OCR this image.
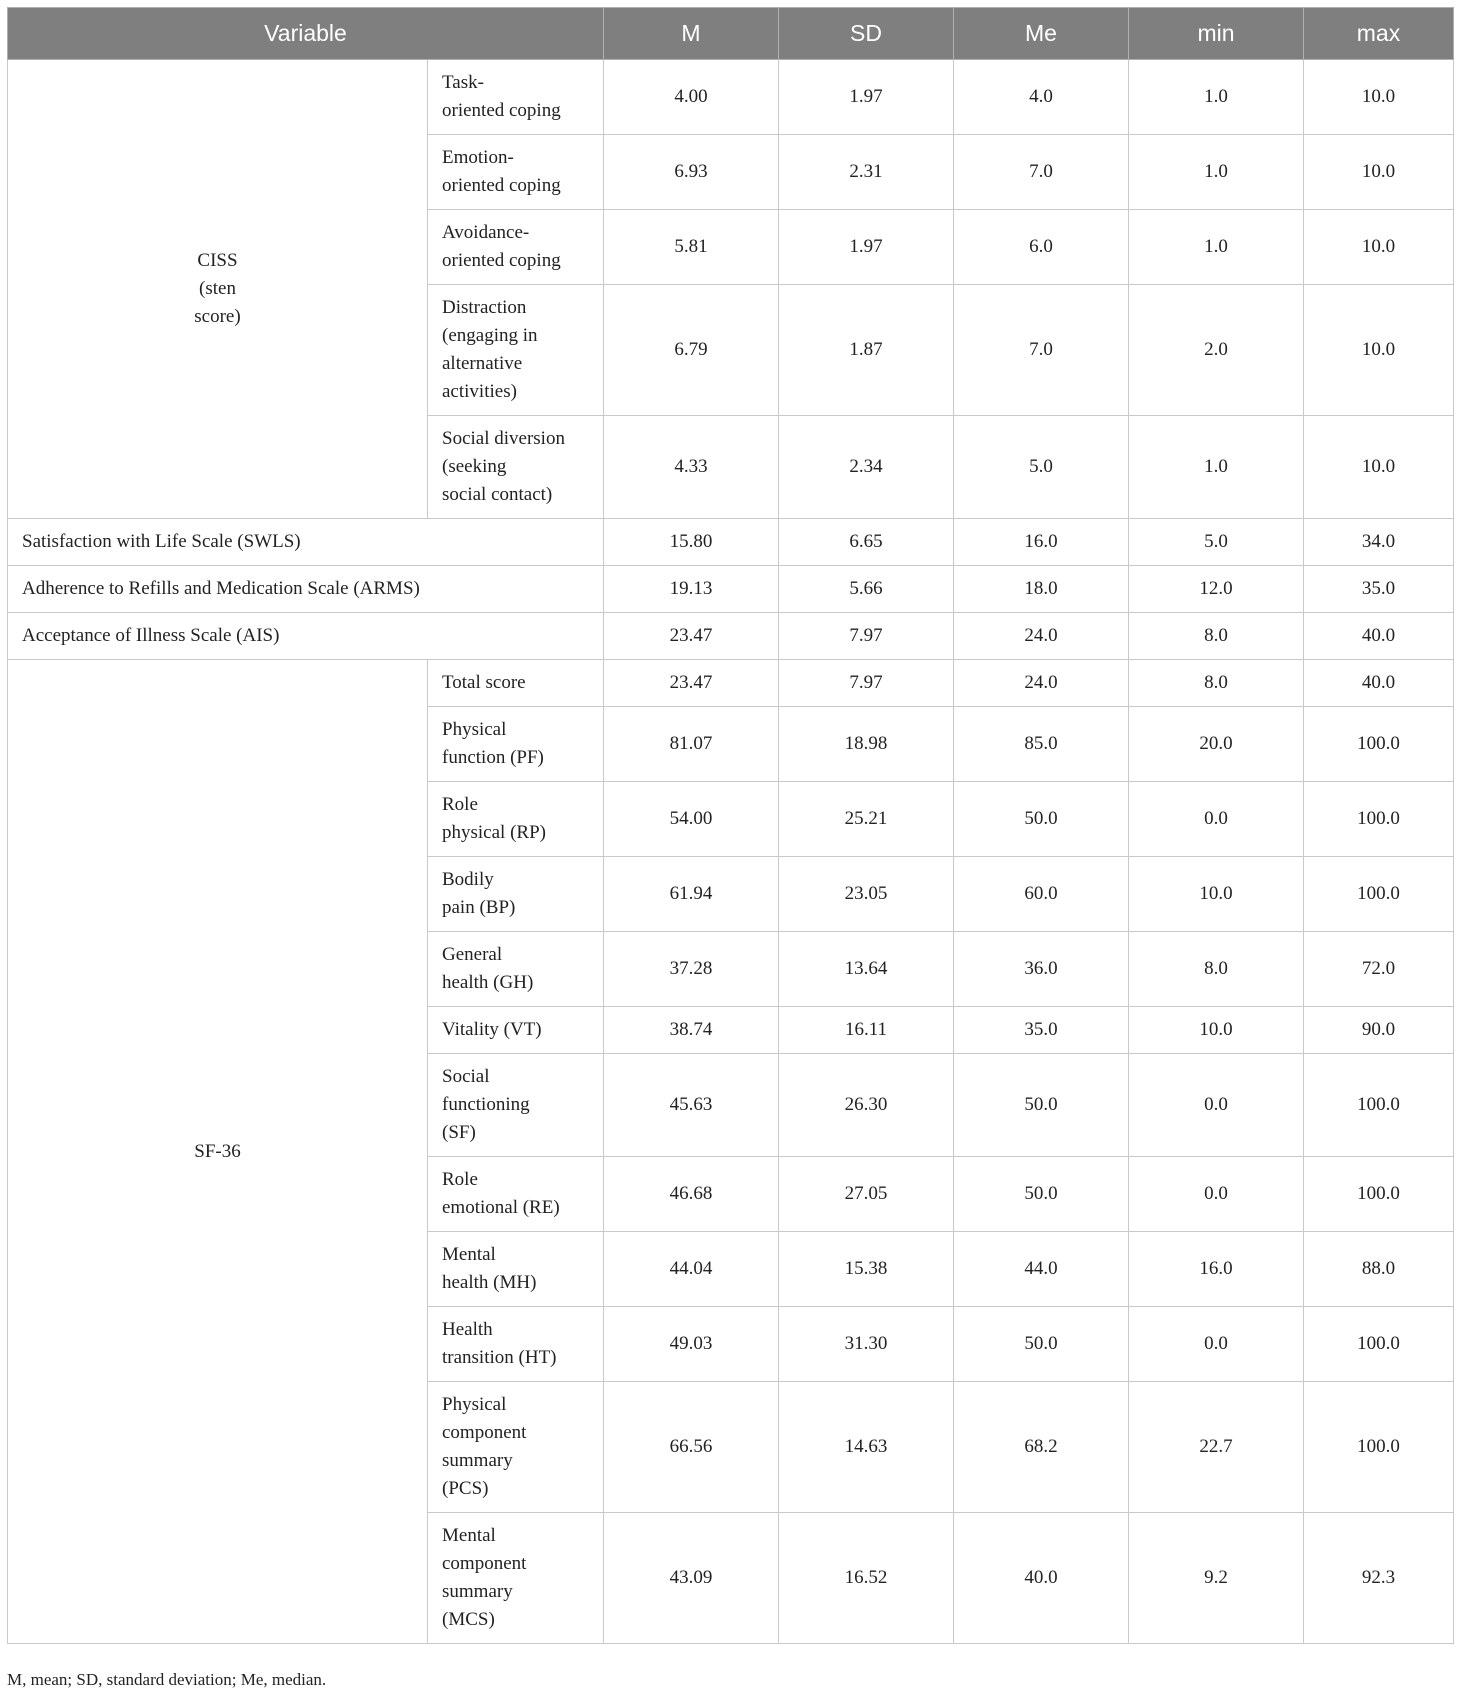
Variable		M	SD	Me	min	max
CISS
(sten
score)	Task-
oriented coping	4.00	1.97	4.0	1.0	10.0
	Emotion-
oriented coping	6.93	2.31	7.0	1.0	10.0
	Avoidance-
oriented coping	5.81	1.97	6.0	1.0	10.0
	Distraction
(engaging in
alternative
activities)	6.79	1.87	7.0	2.0	10.0
	Social diversion
(seeking
social contact)	4.33	2.34	5.0	1.0	10.0
Satisfaction with Life Scale (SWLS)		15.80	6.65	16.0	5.0	34.0
Adherence to Refills and Medication Scale (ARMS)		19.13	5.66	18.0	12.0	35.0
Acceptance of Illness Scale (AIS)		23.47	7.97	24.0	8.0	40.0
SF-36	Total score	23.47	7.97	24.0	8.0	40.0
	Physical
function (PF)	81.07	18.98	85.0	20.0	100.0
	Role
physical (RP)	54.00	25.21	50.0	0.0	100.0
	Bodily
pain (BP)	61.94	23.05	60.0	10.0	100.0
	General
health (GH)	37.28	13.64	36.0	8.0	72.0
	Vitality (VT)	38.74	16.11	35.0	10.0	90.0
	Social
functioning
(SF)	45.63	26.30	50.0	0.0	100.0
	Role
emotional (RE)	46.68	27.05	50.0	0.0	100.0
	Mental
health (MH)	44.04	15.38	44.0	16.0	88.0
	Health
transition (HT)	49.03	31.30	50.0	0.0	100.0
	Physical
component
summary
(PCS)	66.56	14.63	68.2	22.7	100.0
	Mental
component
summary
(MCS)	43.09	16.52	40.0	9.2	92.3
M, mean; SD, standard deviation; Me, median.
